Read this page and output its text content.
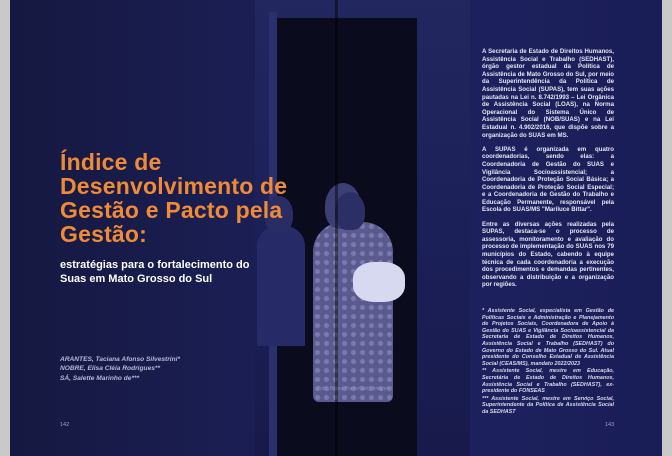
Foto: Bruna Prado/Getty Images
Índice de Desenvolvimento de Gestão e Pacto pela Gestão:
estratégias para o fortalecimento do Suas em Mato Grosso do Sul
ARANTES, Taciana Afonso Silvestrini*
NOBRE, Elisa Cléia Rodrigues**
SÁ, Salette Marinho de***
142

A Secretaria de Estado de Direitos Humanos, Assistência Social e Trabalho (SEDHAST), órgão gestor estadual da Política de Assistência de Mato Grosso do Sul, por meio da Superintendência da Política de Assistência Social (SUPAS), tem suas ações pautadas na Lei n. 8.742/1993 – Lei Orgânica de Assistência Social (LOAS), na Norma Operacional do Sistema Único de Assistência Social (NOB/SUAS) e na Lei Estadual n. 4.902/2016, que dispõe sobre a organização do SUAS em MS.

A SUPAS é organizada em quatro coordenadorias, sendo elas: a Coordenadoria de Gestão do SUAS e Vigilância Socioassistencial; a Coordenadoria de Proteção Social Básica; a Coordenadoria de Proteção Social Especial; e a Coordenadoria de Gestão do Trabalho e Educação Permanente, responsável pela Escola do SUAS/MS "Mariluce Bittar".

Entre as diversas ações realizadas pela SUPAS, destaca-se o processo de assessoria, monitoramento e avaliação do processo de implementação do SUAS nos 79 municípios do Estado, cabendo à equipe técnica de cada coordenadoria a execução dos procedimentos e demandas pertinentes, observando a distribuição e a organização por regiões.

* Assistente Social, especialista em Gestão de Políticas Sociais e Administração e Planejamento de Projetos Sociais, Coordenadora de Apoio à Gestão do SUAS e Vigilância Socioassistencial da Secretaria de Estado de Direitos Humanos, Assistência Social e Trabalho (SEDHAST) do Governo do Estado de Mato Grosso do Sul. Atual presidente do Conselho Estadual de Assistência Social (CEAS/MS), mandato 2022/2023

** Assistente Social, mestre em Educação, Secretária de Estado de Direitos Humanos, Assistência Social e Trabalho (SEDHAST), ex-presidente do FONSEAS

*** Assistente Social, mestre em Serviço Social, Superintendente da Política de Assistência Social da SEDHAST

143
